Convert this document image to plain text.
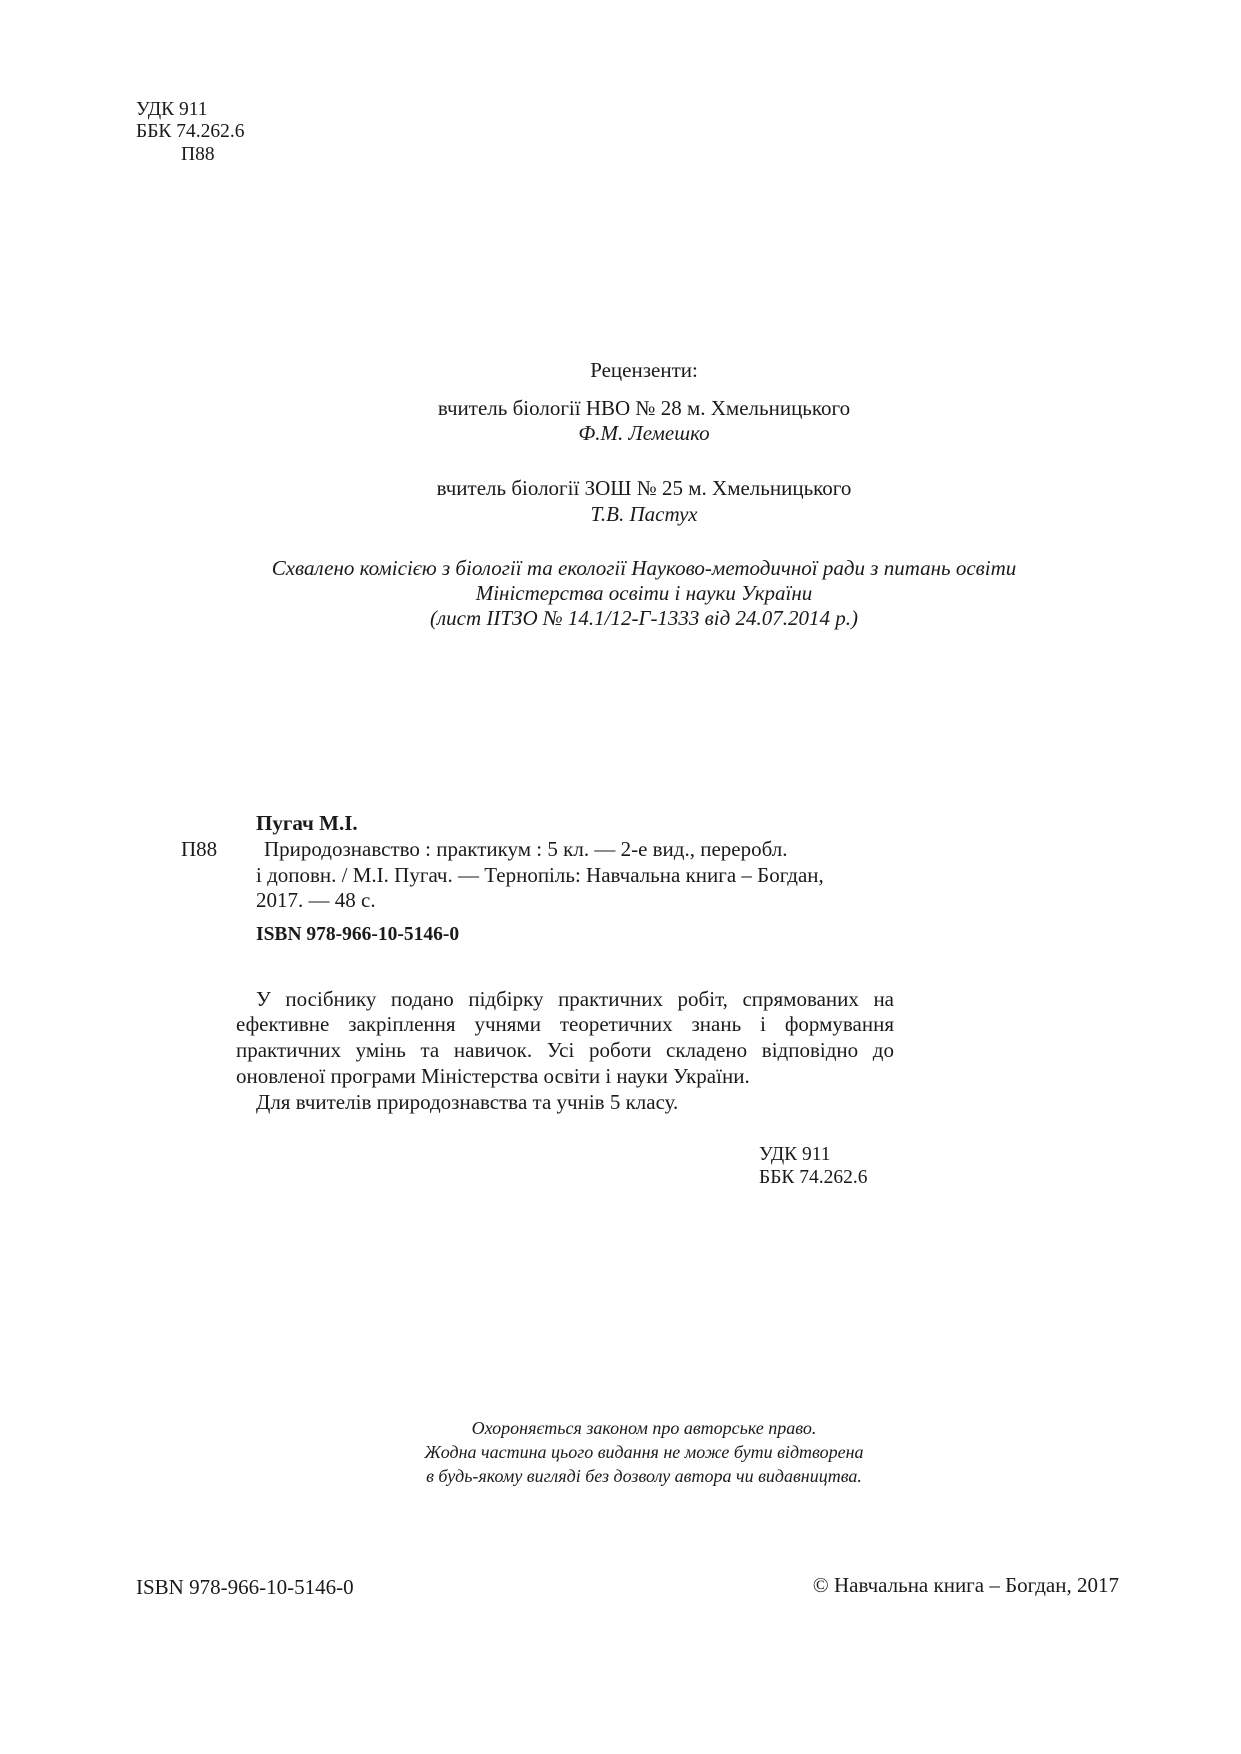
УДК 911
ББК 74.262.6
П88
Рецензенти:
вчитель біології НВО № 28 м. Хмельницького
Ф.М. Лемешко
вчитель біології ЗОШ № 25 м. Хмельницького
Т.В. Пастух
Схвалено комісією з біології та екології Науково-методичної ради з питань освіти
Міністерства освіти і науки України
(лист ІІТЗО № 14.1/12-Г-1333 від 24.07.2014 р.)
Пугач М.І.
П88 Природознавство : практикум : 5 кл. — 2-е вид., переробл.
і доповн. / М.І. Пугач. — Тернопіль: Навчальна книга – Богдан,
2017. — 48 с.
ISBN 978-966-10-5146-0
У посібнику подано підбірку практичних робіт, спрямованих на
ефективне закріплення учнями теоретичних знань і формування
практичних умінь та навичок. Усі роботи складено відповідно до
оновленої програми Міністерства освіти і науки України.
Для вчителів природознавства та учнів 5 класу.
УДК 911
ББК 74.262.6
Охороняється законом про авторське право.
Жодна частина цього видання не може бути відтворена
в будь-якому вигляді без дозволу автора чи видавництва.
ISBN 978-966-10-5146-0	© Навчальна книга – Богдан, 2017
